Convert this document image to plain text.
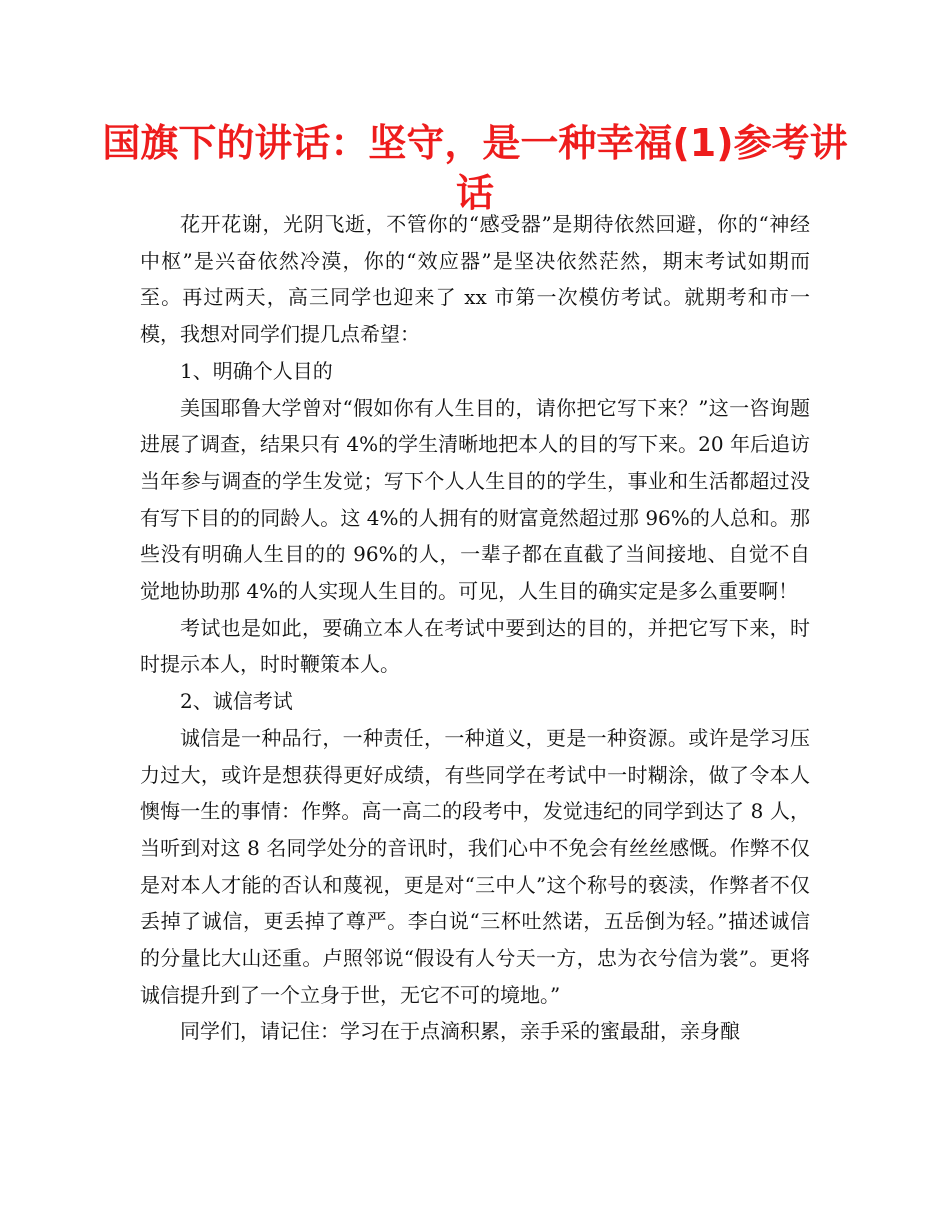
国旗下的讲话：坚守，是一种幸福(1)参考讲话

花开花谢，光阴飞逝，不管你的“感受器”是期待依然回避，你的“神经中枢”是兴奋依然冷漠，你的“效应器”是坚决依然茫然，期末考试如期而至。再过两天，高三同学也迎来了 xx 市第一次模仿考试。就期考和市一模，我想对同学们提几点希望：

1、明确个人目的

美国耶鲁大学曾对“假如你有人生目的，请你把它写下来？”这一咨询题进展了调查，结果只有 4%的学生清晰地把本人的目的写下来。20 年后追访当年参与调查的学生发觉；写下个人人生目的的学生，事业和生活都超过没有写下目的的同龄人。这 4%的人拥有的财富竟然超过那 96%的人总和。那些没有明确人生目的的 96%的人，一辈子都在直截了当间接地、自觉不自觉地协助那 4%的人实现人生目的。可见，人生目的确实定是多么重要啊！

考试也是如此，要确立本人在考试中要到达的目的，并把它写下来，时时提示本人，时时鞭策本人。

2、诚信考试

诚信是一种品行，一种责任，一种道义，更是一种资源。或许是学习压力过大，或许是想获得更好成绩，有些同学在考试中一时糊涂，做了令本人懊悔一生的事情：作弊。高一高二的段考中，发觉违纪的同学到达了 8 人，当听到对这 8 名同学处分的音讯时，我们心中不免会有丝丝感慨。作弊不仅是对本人才能的否认和蔑视，更是对“三中人”这个称号的亵渎，作弊者不仅丢掉了诚信，更丢掉了尊严。李白说“三杯吐然诺，五岳倒为轻。”描述诚信的分量比大山还重。卢照邻说“假设有人兮天一方，忠为衣兮信为裳”。更将诚信提升到了一个立身于世，无它不可的境地。”

同学们，请记住：学习在于点滴积累，亲手采的蜜最甜，亲身酿
